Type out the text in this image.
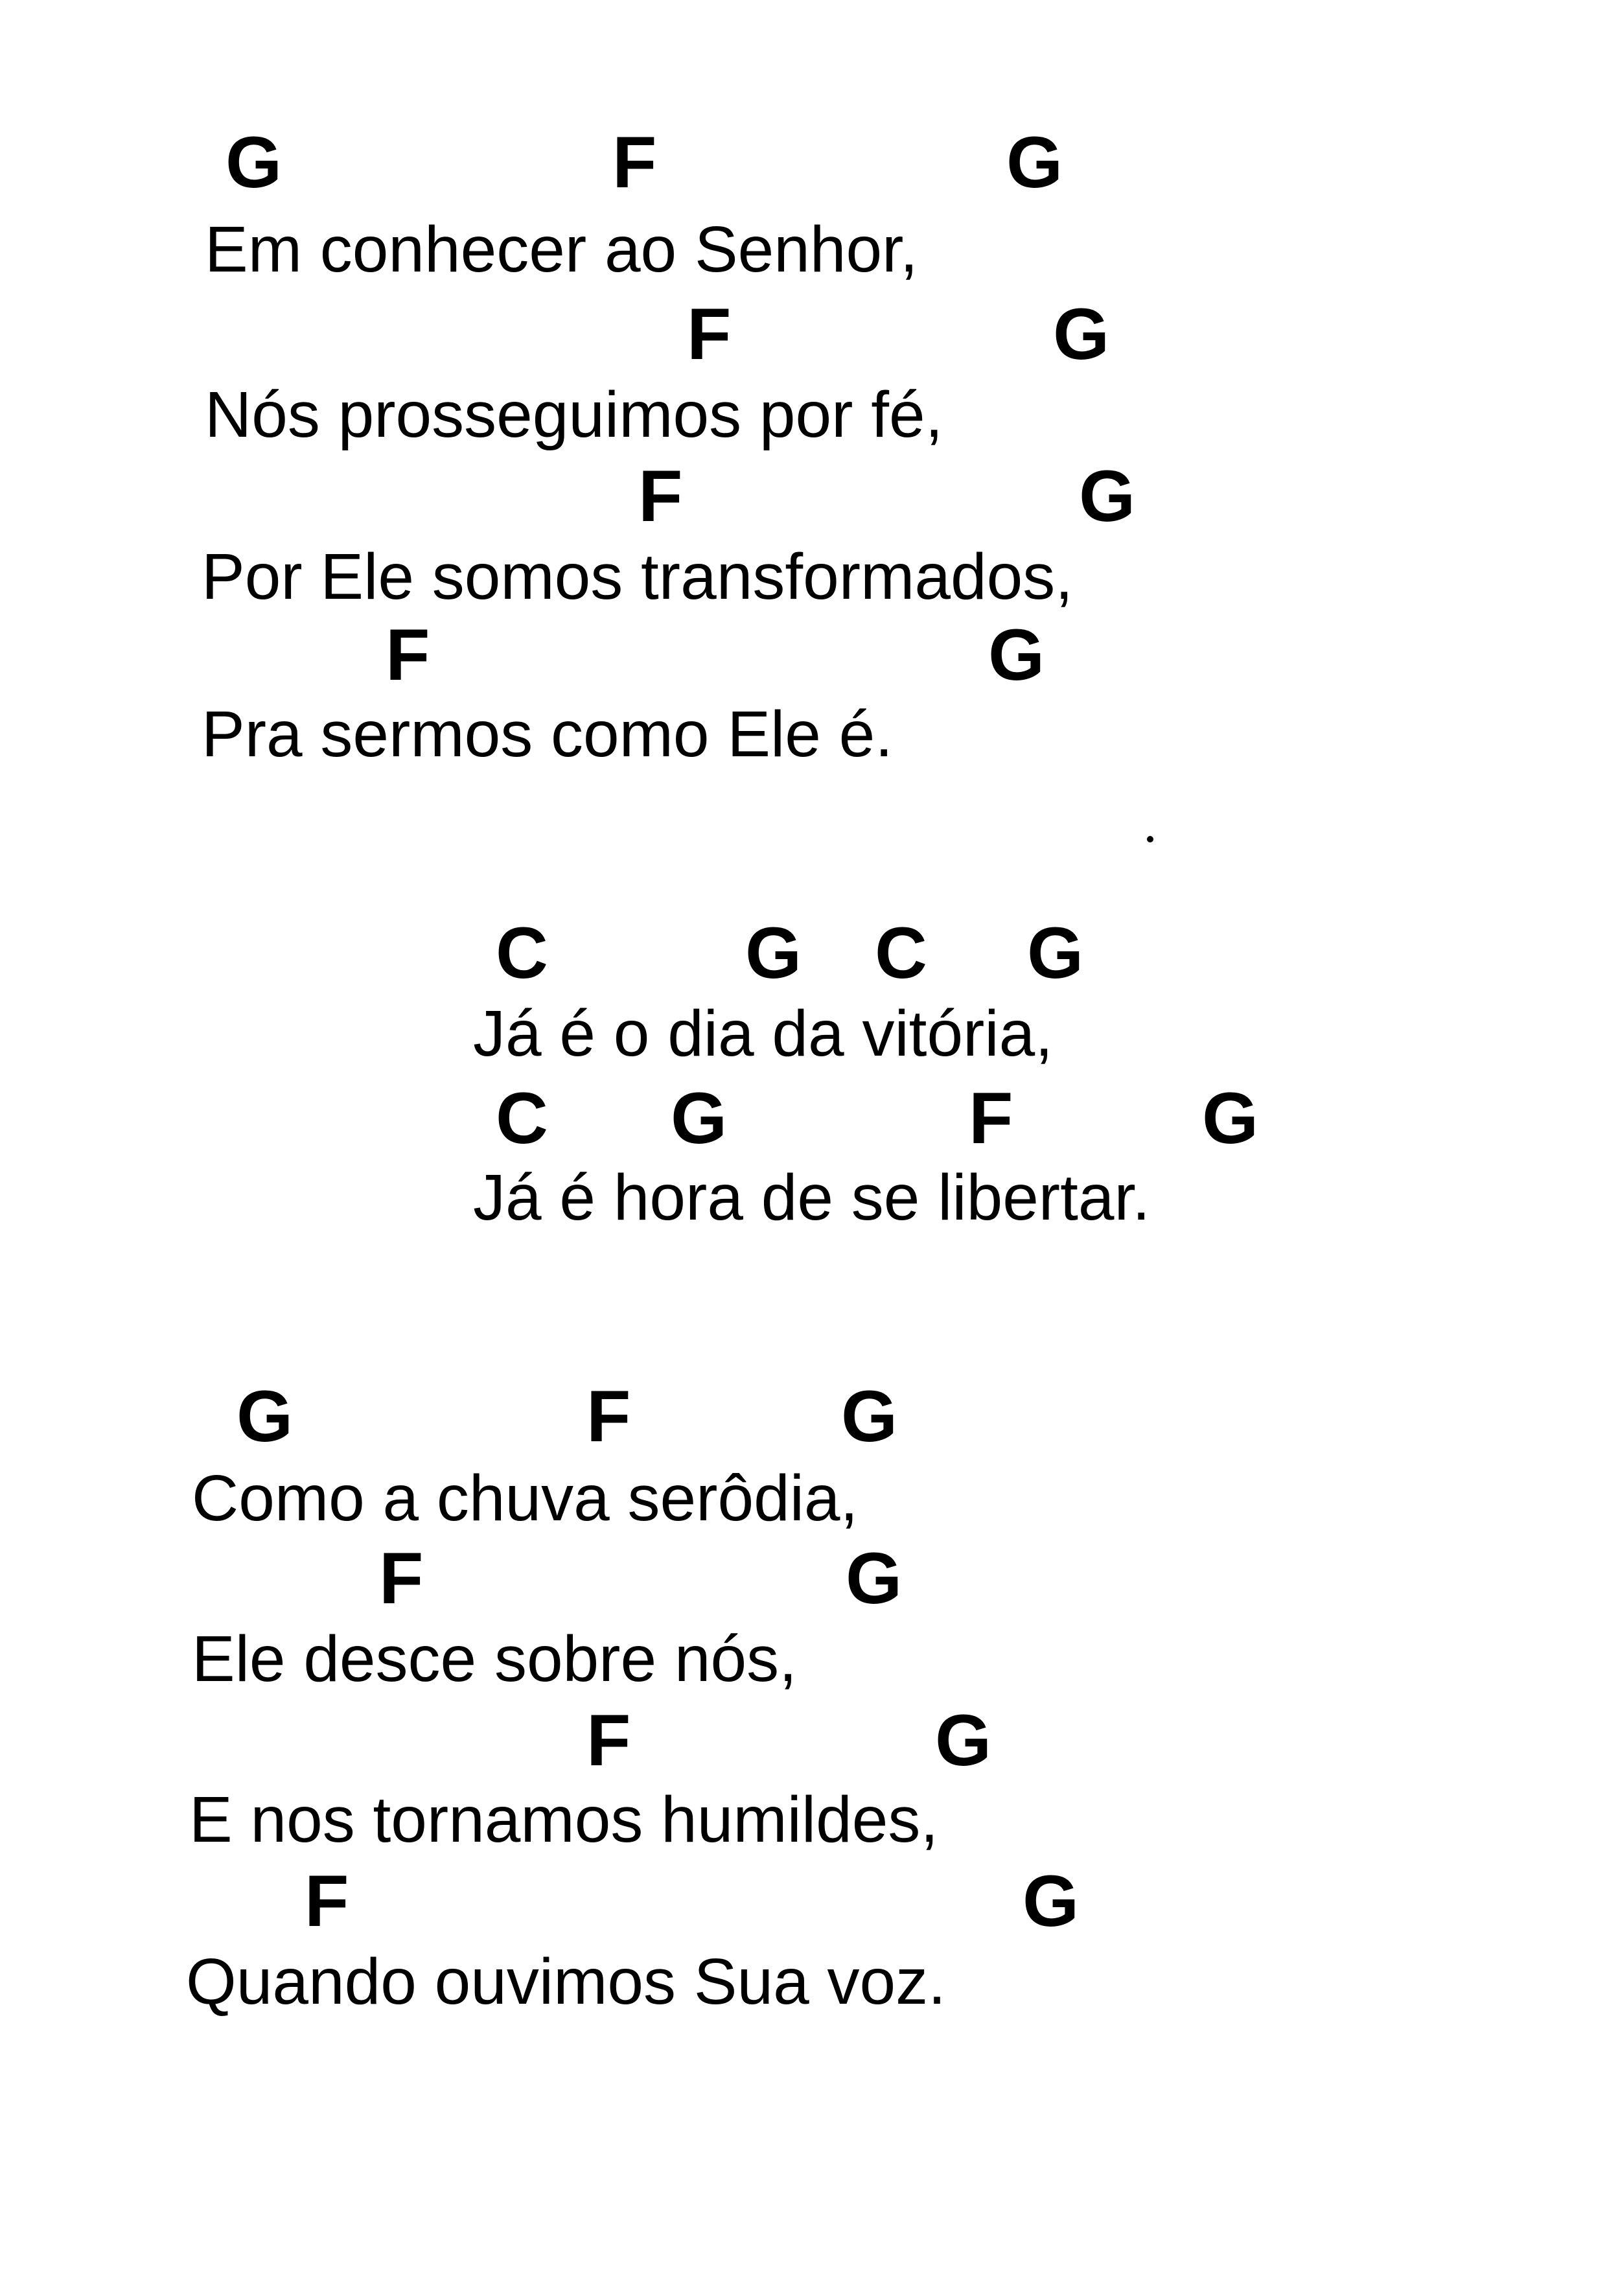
G	F	G
Em conhecer ao Senhor,
F	G
Nós prosseguimos por fé,
F	G
Por Ele somos transformados,
F	G
Pra sermos como Ele é.
C	G C G
Já é o dia da vitória,
C G	F	G
Já é hora de se libertar.
G	F	G
Como a chuva serôdia,
F	G
Ele desce sobre nós,
F	G
E nos tornamos humildes,
F	G
Quando ouvimos Sua voz.
